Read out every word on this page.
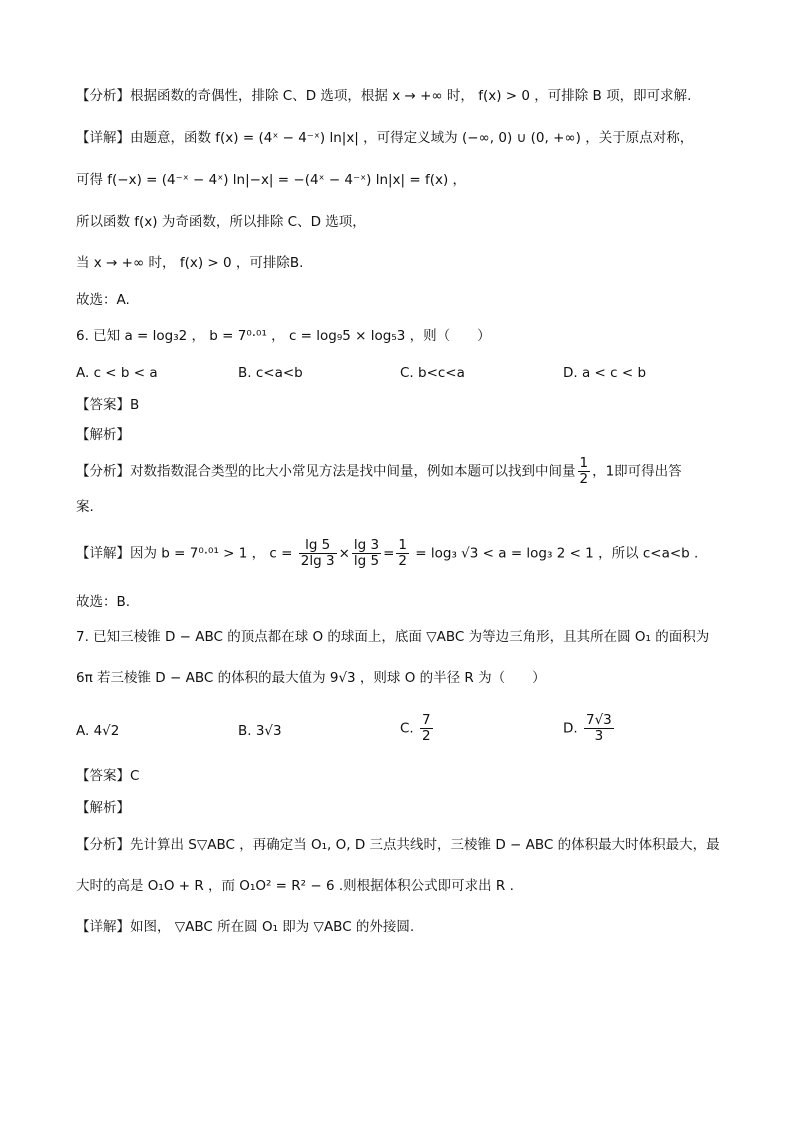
【分析】根据函数的奇偶性，排除 C、D 选项，根据 x → +∞ 时， f(x) > 0 ，可排除 B 项，即可求解.
【详解】由题意，函数 f(x) = (4ˣ − 4⁻ˣ) ln|x| ，可得定义域为 (−∞, 0) ∪ (0, +∞) ，关于原点对称，
可得 f(−x) = (4⁻ˣ − 4ˣ) ln|−x| = −(4ˣ − 4⁻ˣ) ln|x| = f(x) ，
所以函数 f(x) 为奇函数，所以排除 C、D 选项，
当 x → +∞ 时， f(x) > 0 ，可排除B.
故选：A.
6. 已知 a = log₃2 ， b = 7⁰·⁰¹ ， c = log₉5 × log₅3 ，则（　　）
A. c < b < a	B. c<a<b	C. b<c<a	D. a < c < b
【答案】B
【解析】
【分析】对数指数混合类型的比大小常见方法是找中间量，例如本题可以找到中间量 $\frac{1}{2}$ ，1即可得出答
案.
【详解】因为 b = 7⁰·⁰¹ > 1 ， $c = \frac{\lg 5}{2\lg 3} \times \frac{\lg 3}{\lg 5} = \frac{1}{2} = \log_3$ √3 < a = log₃ 2 < 1 ，所以 c<a<b .
故选：B.
7. 已知三棱锥 D − ABC 的顶点都在球 O 的球面上，底面 ▽ABC 为等边三角形，且其所在圆 O₁ 的面积为
6π 若三棱锥 D − ABC 的体积的最大值为 9√3 ，则球 O 的半径 R 为（　　）
A. 4√2	B. 3√3	C. $\frac{7}{2}$	D. $\frac{7√3}{3}$
【答案】C
【解析】
【分析】先计算出 S▽ABC ，再确定当 O₁, O, D 三点共线时，三棱锥 D − ABC 的体积最大时体积最大，最
大时的高是 O₁O + R ，而 O₁O² = R² − 6 .则根据体积公式即可求出 R .
【详解】如图， ▽ABC 所在圆 O₁ 即为 ▽ABC 的外接圆.
